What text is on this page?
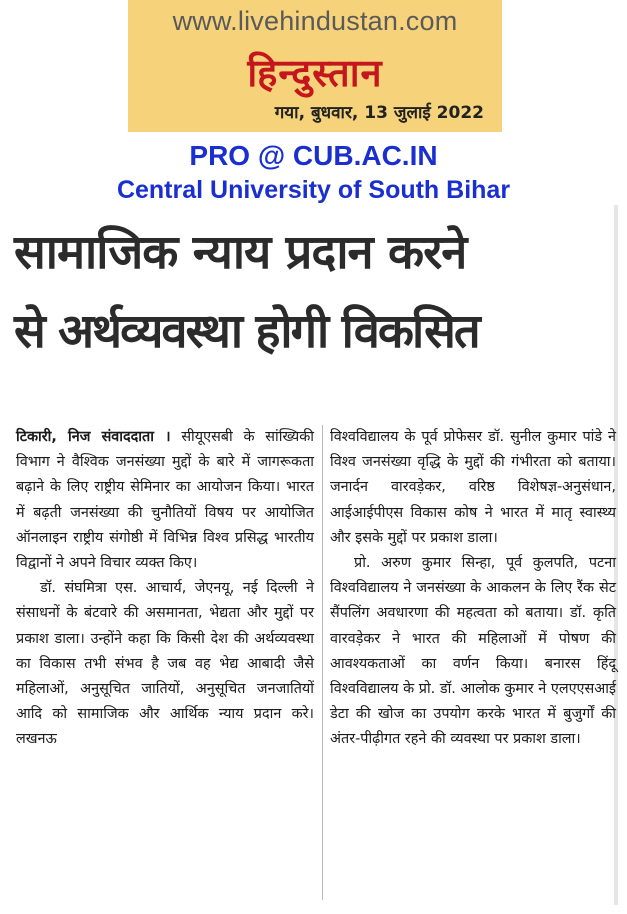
www.livehindustan.com
हिन्दुस्तान
गया, बुधवार, 13 जुलाई 2022
PRO @ CUB.AC.IN
Central University of South Bihar
सामाजिक न्याय प्रदान करने
से अर्थव्यवस्था होगी विकसित

टिकारी, निज संवाददाता । सीयूएसबी के सांख्यिकी विभाग ने वैश्विक जनसंख्या मुद्दों के बारे में जागरूकता बढ़ाने के लिए राष्ट्रीय सेमिनार का आयोजन किया। भारत में बढ़ती जनसंख्या की चुनौतियों विषय पर आयोजित ऑनलाइन राष्ट्रीय संगोष्ठी में विभिन्न विश्व प्रसिद्ध भारतीय विद्वानों ने अपने विचार व्यक्त किए।

डॉ. संघमित्रा एस. आचार्य, जेएनयू, नई दिल्ली ने संसाधनों के बंटवारे की असमानता, भेद्यता और मुद्दों पर प्रकाश डाला। उन्होंने कहा कि किसी देश की अर्थव्यवस्था का विकास तभी संभव है जब वह भेद्य आबादी जैसे महिलाओं, अनुसूचित जातियों, अनुसूचित जनजातियों आदि को सामाजिक और आर्थिक न्याय प्रदान करे। लखनऊ

विश्वविद्यालय के पूर्व प्रोफेसर डॉ. सुनील कुमार पांडे ने विश्व जनसंख्या वृद्धि के मुद्दों की गंभीरता को बताया। जनार्दन वारवड़ेकर, वरिष्ठ विशेषज्ञ-अनुसंधान, आईआईपीएस विकास कोष ने भारत में मातृ स्वास्थ्य और इसके मुद्दों पर प्रकाश डाला।

प्रो. अरुण कुमार सिन्हा, पूर्व कुलपति, पटना विश्वविद्यालय ने जनसंख्या के आकलन के लिए रैंक सेट सैंपलिंग अवधारणा की महत्वता को बताया। डॉ. कृति वारवड़ेकर ने भारत की महिलाओं में पोषण की आवश्यकताओं का वर्णन किया। बनारस हिंदू विश्वविद्यालय के प्रो. डॉ. आलोक कुमार ने एलएएसआई डेटा की खोज का उपयोग करके भारत में बुजुर्गों की अंतर-पीढ़ीगत रहने की व्यवस्था पर प्रकाश डाला।
